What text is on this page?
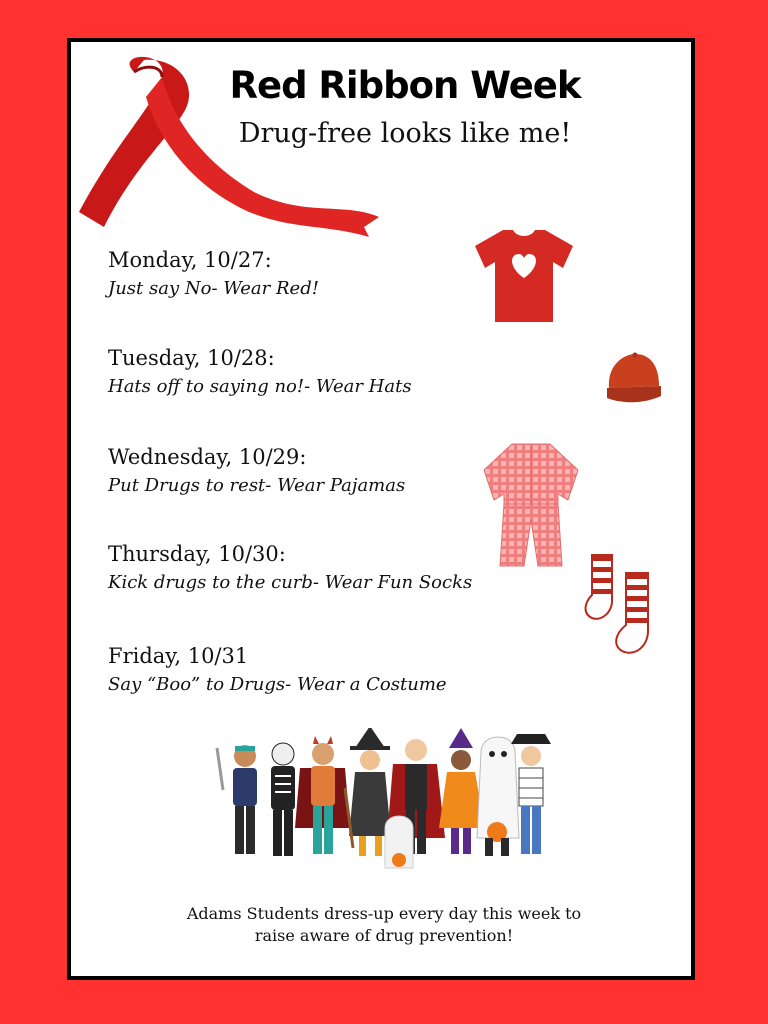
Red Ribbon Week
Drug-free looks like me!
Monday, 10/27:
Just say No- Wear Red!
Tuesday, 10/28:
Hats off to saying no!- Wear Hats
Wednesday, 10/29:
Put Drugs to rest- Wear Pajamas
Thursday, 10/30:
Kick drugs to the curb- Wear Fun Socks
Friday, 10/31
Say “Boo” to Drugs- Wear a Costume
Adams Students dress-up every day this week to
raise aware of drug prevention!
